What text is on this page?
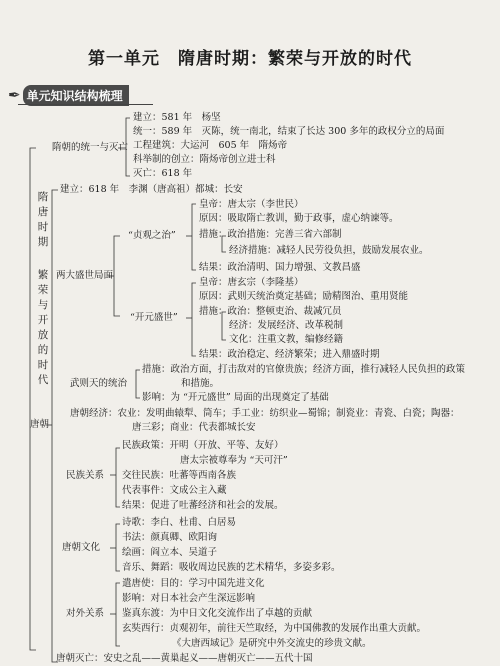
第一单元　隋唐时期：繁荣与开放的时代
✒ 单元知识结构梳理
隋唐时期
繁荣与开放的时代
隋朝的统一与灭亡
建立：581 年　杨坚
统一：589 年　灭陈，统一南北，结束了长达 300 多年的政权分立的局面
工程建筑：大运河　605 年　隋炀帝
科举制的创立：隋炀帝创立进士科
灭亡：618 年
唐朝
建立：618 年　李渊（唐高祖）都城：长安
两大盛世局面
“贞观之治”
皇帝：唐太宗（李世民）
原因：吸取隋亡教训，勤于政事，虚心纳谏等。
措施：政治措施：完善三省六部制
经济措施：减轻人民劳役负担，鼓励发展农业。
结果：政治清明、国力增强、文教昌盛
“开元盛世”
皇帝：唐玄宗（李隆基）
原因：武则天统治奠定基础；励精图治、重用贤能
措施：政治：整顿吏治、裁减冗员
经济：发展经济、改革税制
文化：注重文教，编修经籍
结果：政治稳定、经济繁荣；进入鼎盛时期
武则天的统治
措施：政治方面，打击敌对的官僚贵族；经济方面，推行减轻人民负担的政策
和措施。
影响：为 “开元盛世” 局面的出现奠定了基础
唐朝经济：农业：发明曲辕犁、筒车；手工业：纺织业—蜀锦；制瓷业：青瓷、白瓷；陶器：
唐三彩；商业：代表都城长安
民族关系
民族政策：开明（开放、平等、友好）
唐太宗被尊奉为 “天可汗”
交往民族：吐蕃等西南各族
代表事件：文成公主入藏
结果：促进了吐蕃经济和社会的发展。
唐朝文化
诗歌：李白、杜甫、白居易
书法：颜真卿、欧阳询
绘画：阎立本、吴道子
音乐、舞蹈：吸收周边民族的艺术精华，多姿多彩。
对外关系
遣唐使：目的：学习中国先进文化
影响：对日本社会产生深远影响
鉴真东渡：为中日文化交流作出了卓越的贡献
玄奘西行：贞观初年，前往天竺取经，为中国佛教的发展作出重大贡献。
《大唐西域记》是研究中外交流史的珍贵文献。
唐朝灭亡：安史之乱——黄巢起义——唐朝灭亡——五代十国
